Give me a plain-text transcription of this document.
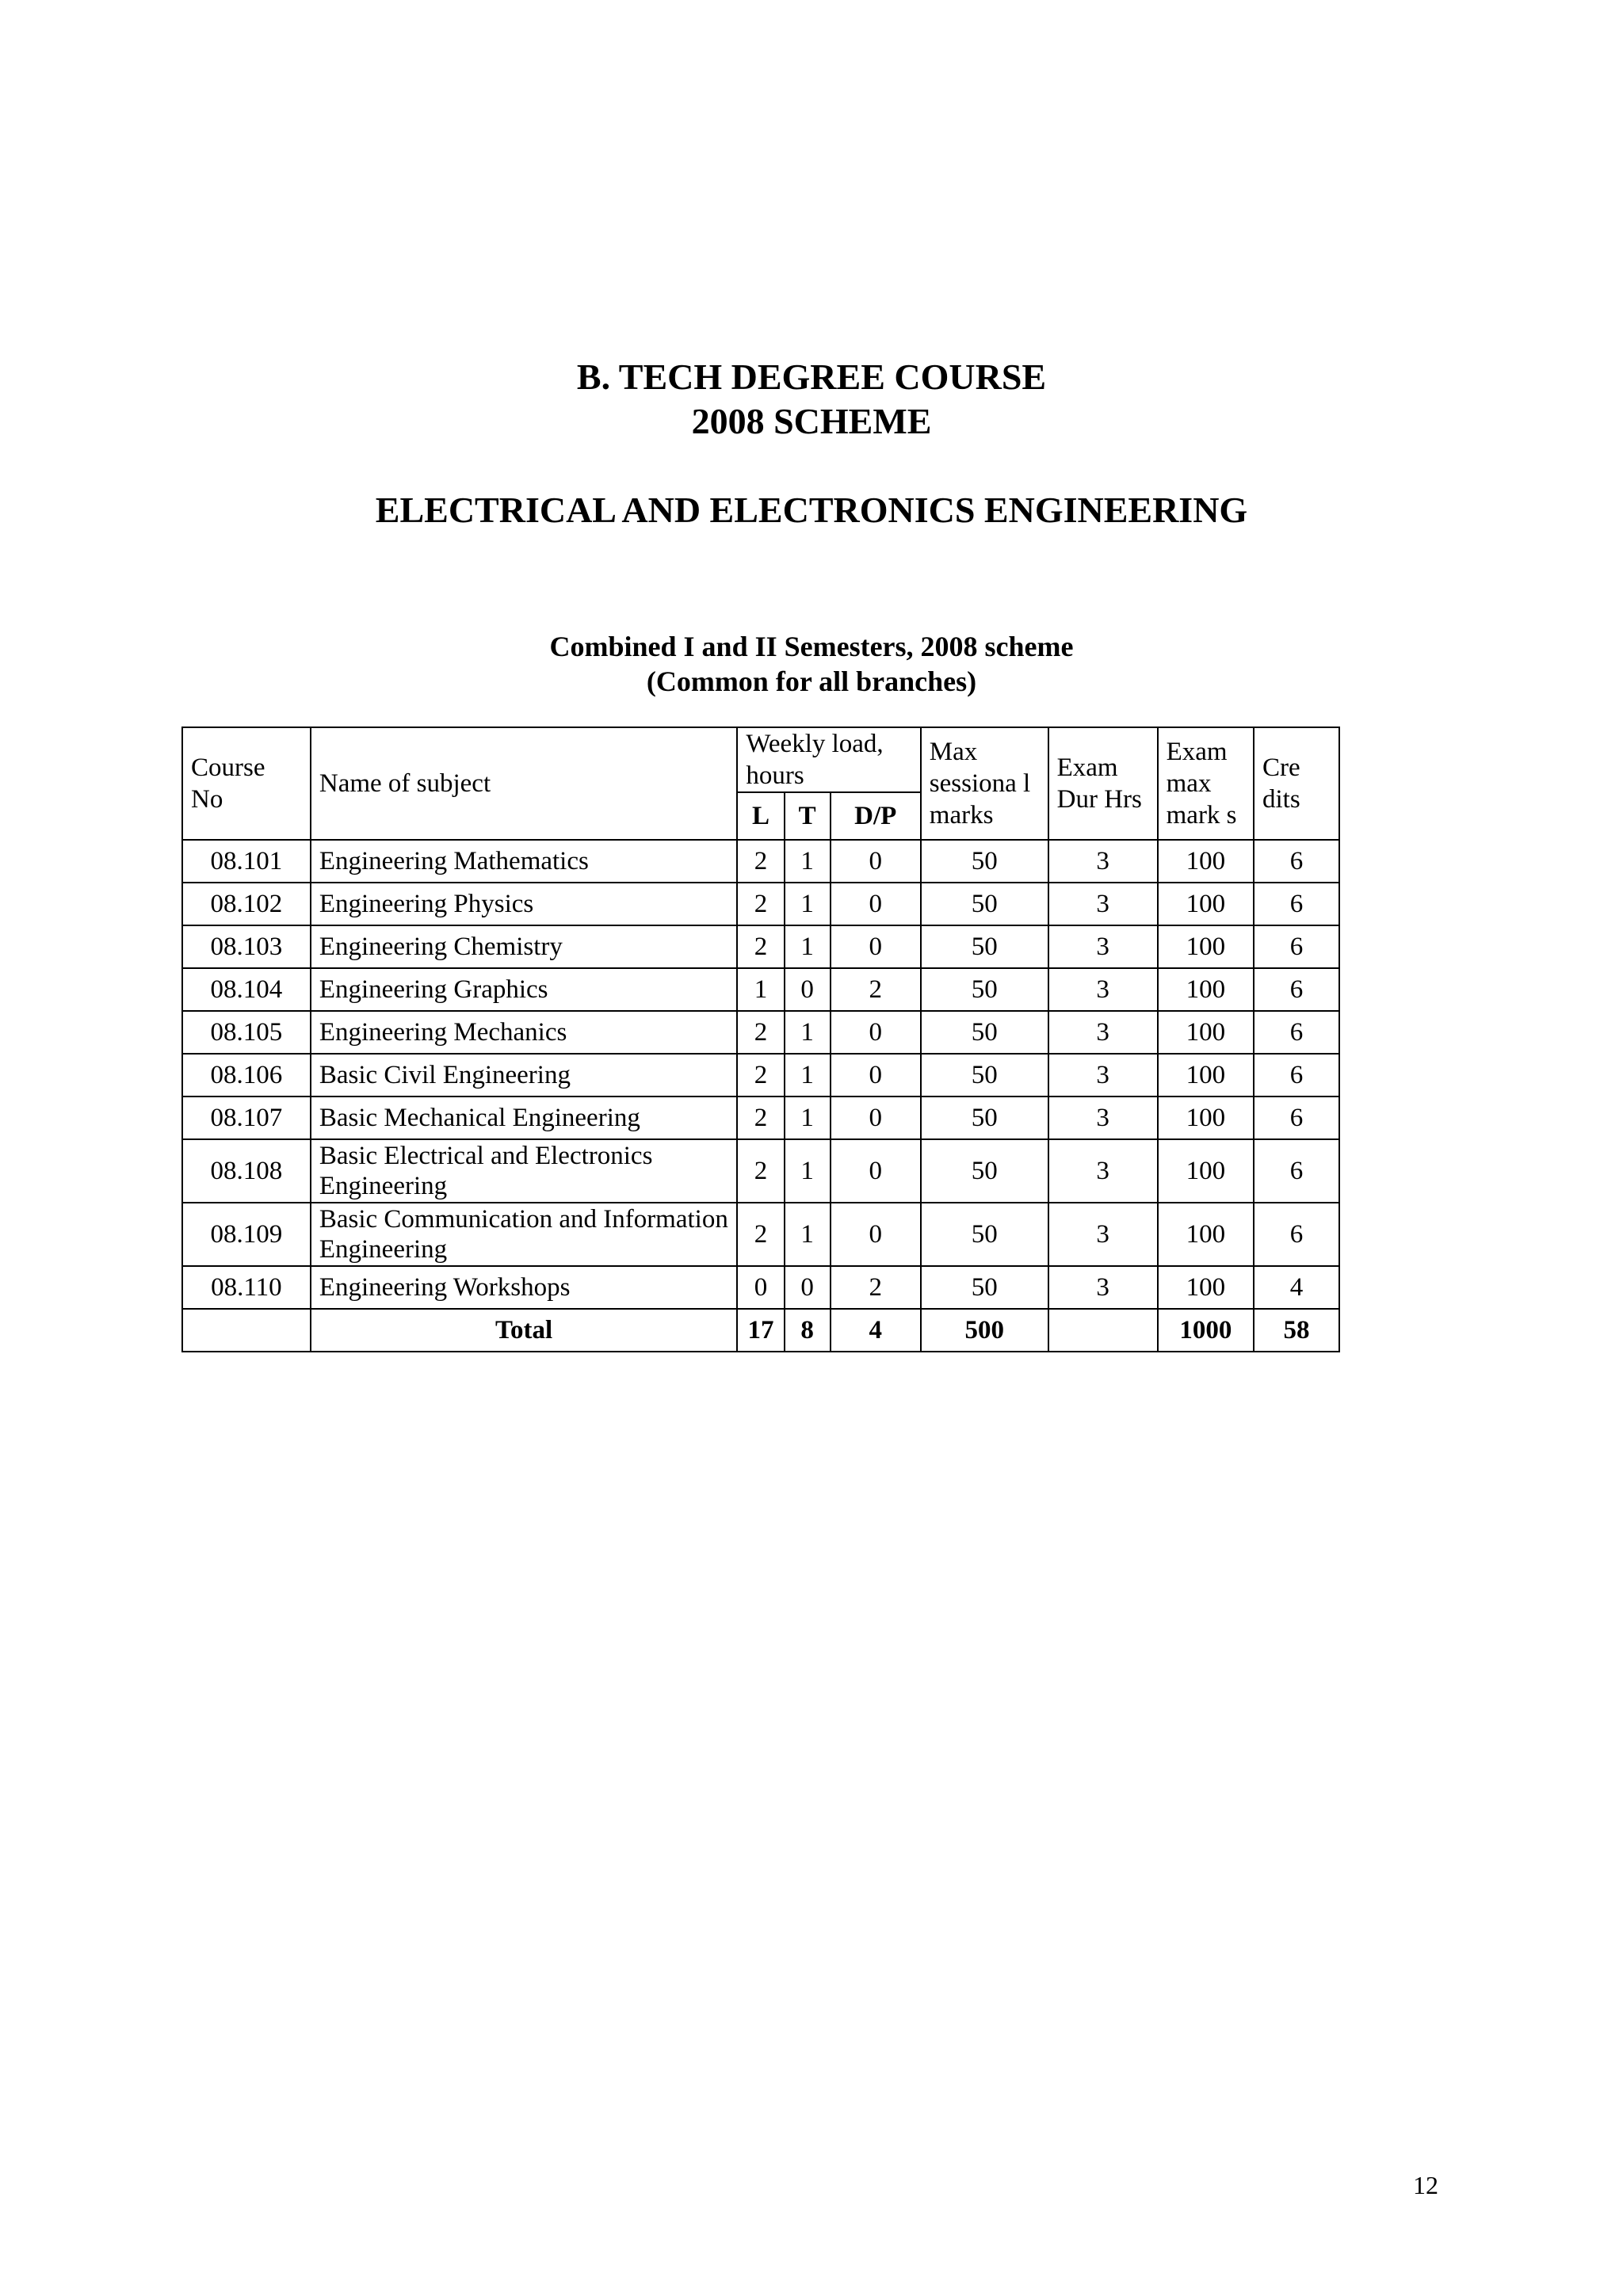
B. TECH DEGREE COURSE
2008 SCHEME
ELECTRICAL AND ELECTRONICS ENGINEERING
Combined I and II Semesters, 2008 scheme
(Common for all branches)
Course No	Name of subject	Weekly load, hours			Max sessiona l marks	Exam Dur Hrs	Exam max mark s	Cre dits
		L	T	D/P				
08.101	Engineering Mathematics	2	1	0	50	3	100	6
08.102	Engineering Physics	2	1	0	50	3	100	6
08.103	Engineering Chemistry	2	1	0	50	3	100	6
08.104	Engineering Graphics	1	0	2	50	3	100	6
08.105	Engineering Mechanics	2	1	0	50	3	100	6
08.106	Basic Civil Engineering	2	1	0	50	3	100	6
08.107	Basic Mechanical Engineering	2	1	0	50	3	100	6
08.108	Basic Electrical and Electronics Engineering	2	1	0	50	3	100	6
08.109	Basic Communication and Information Engineering	2	1	0	50	3	100	6
08.110	Engineering Workshops	0	0	2	50	3	100	4
	Total	17	8	4	500		1000	58
12
